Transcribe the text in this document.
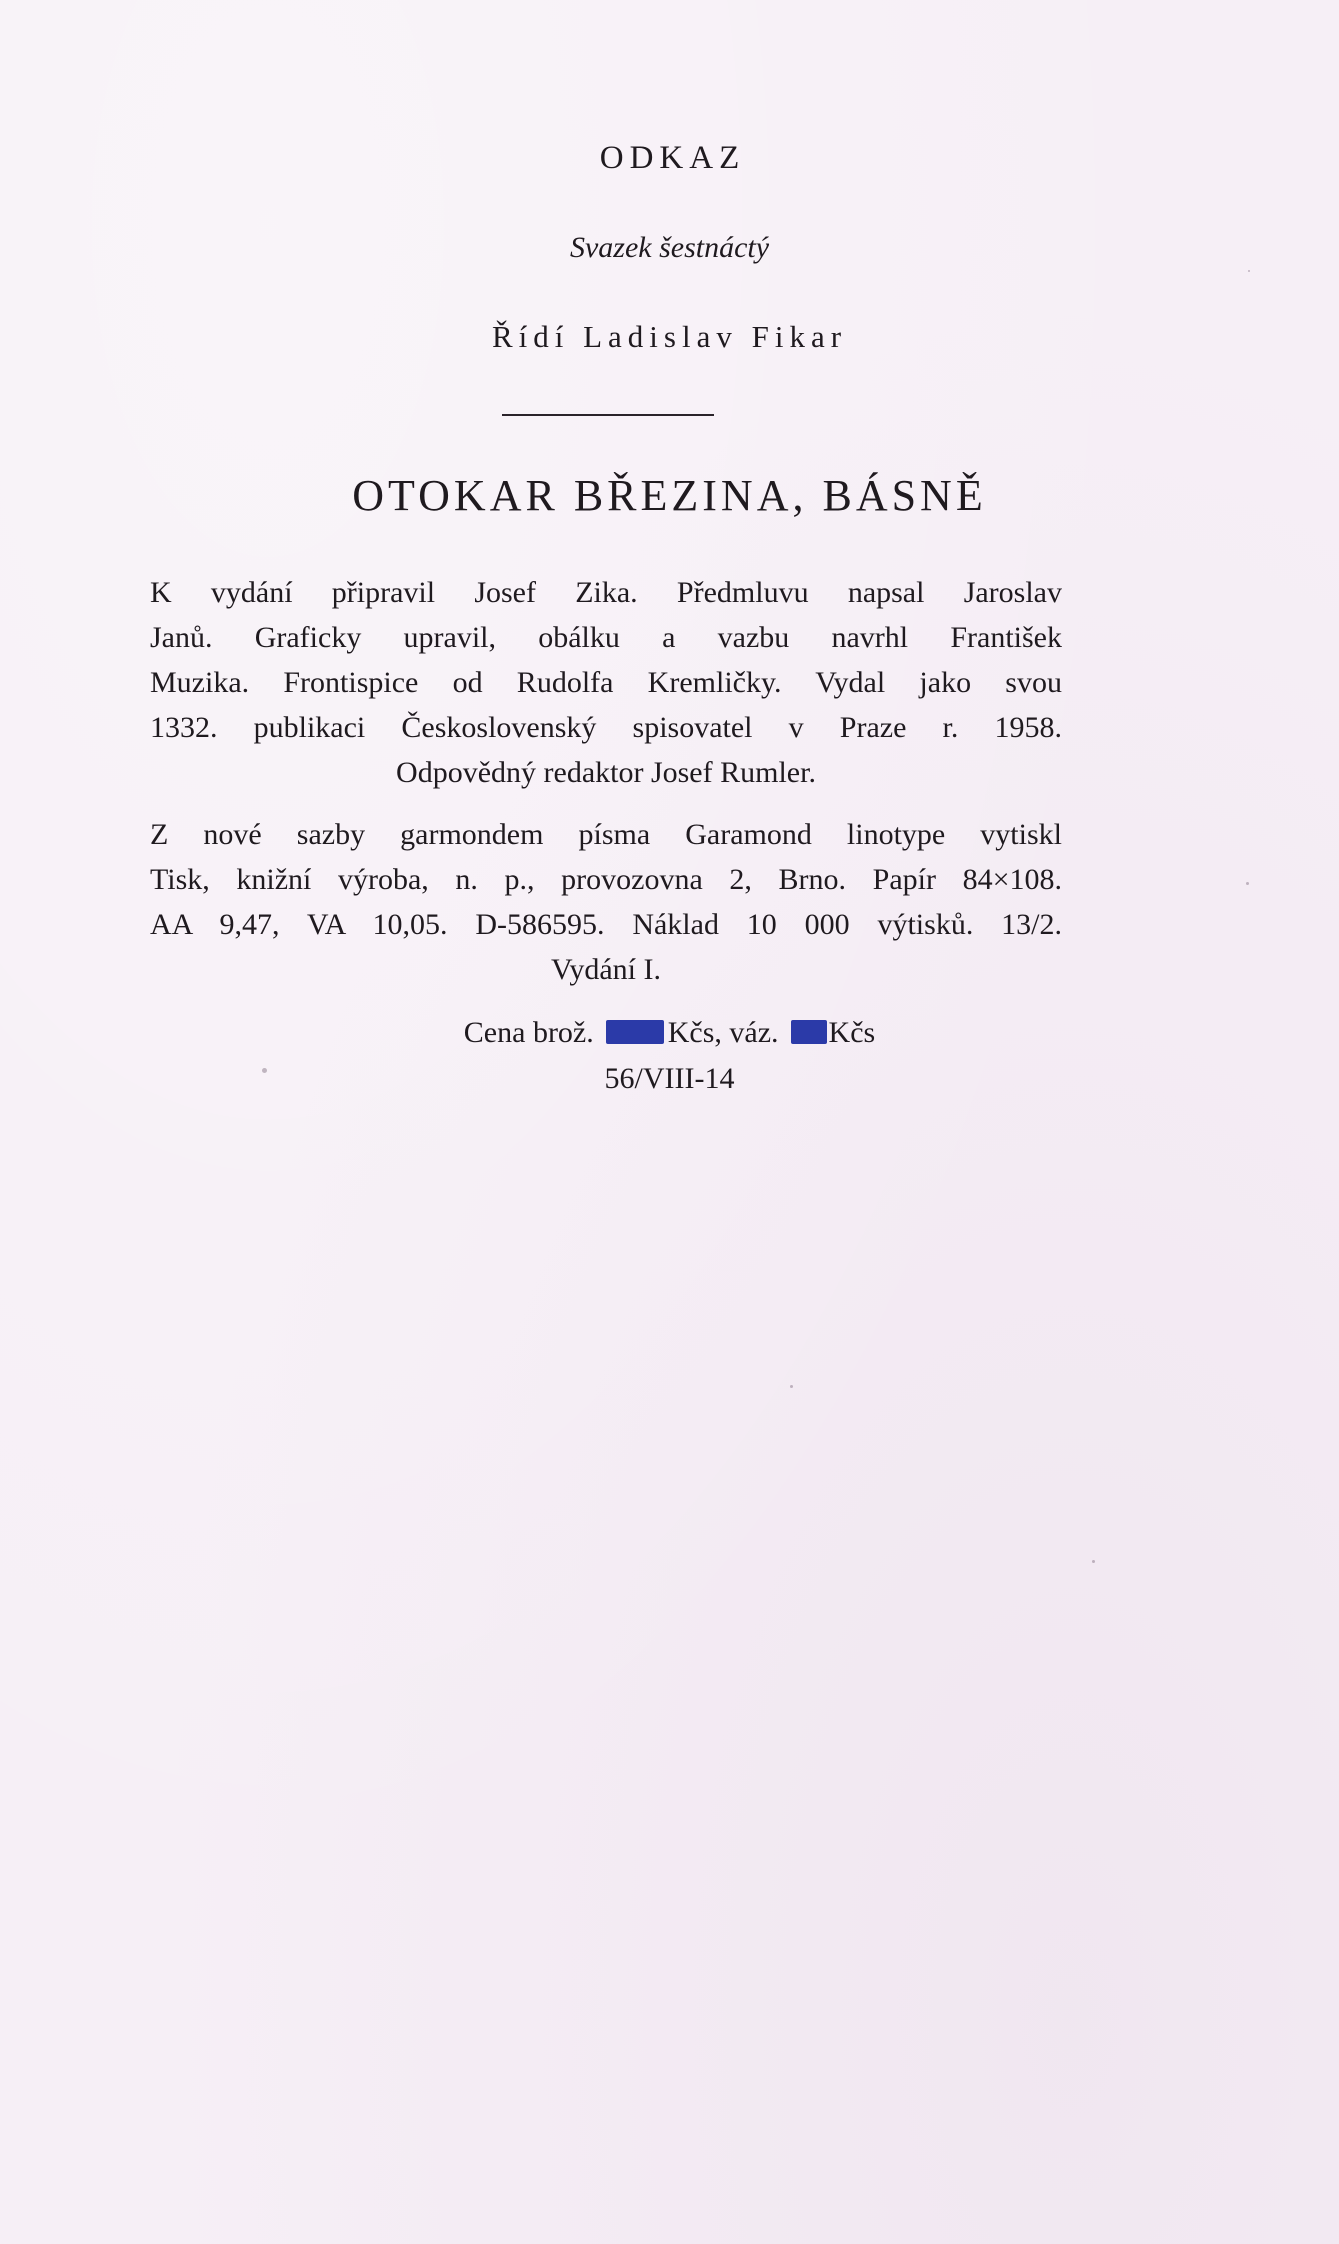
ODKAZ
Svazek šestnáctý
Řídí Ladislav Fikar
OTOKAR BŘEZINA, BÁSNĚ
K vydání připravil Josef Zika. Předmluvu napsal Jaroslav
Janů. Graficky upravil, obálku a vazbu navrhl František
Muzika. Frontispice od Rudolfa Kremličky. Vydal jako svou
1332. publikaci Československý spisovatel v Praze r. 1958.
Odpovědný redaktor Josef Rumler.
Z nové sazby garmondem písma Garamond linotype vytiskl
Tisk, knižní výroba, n. p., provozovna 2, Brno. Papír 84×108.
AA 9,47, VA 10,05. D-586595. Náklad 10 000 výtisků. 13/2.
Vydání I.
Cena brož. Kčs, váz. Kčs
56/VIII-14
